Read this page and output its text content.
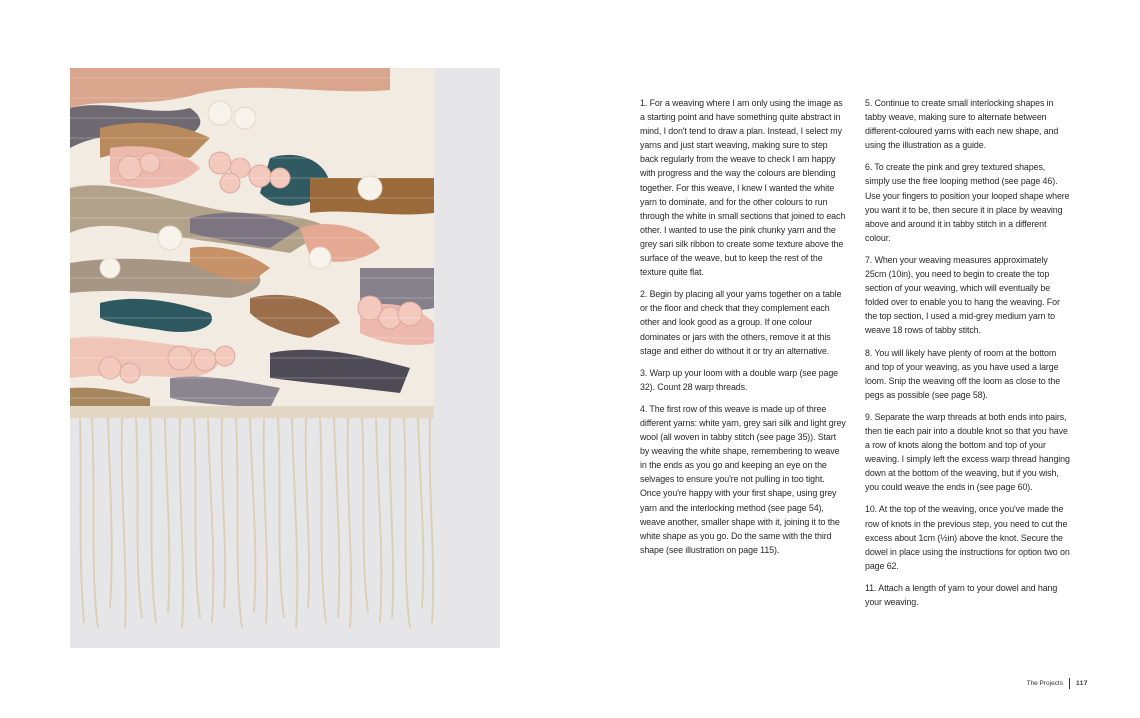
1. For a weaving where I am only using the image as a starting point and have something quite abstract in mind, I don't tend to draw a plan. Instead, I select my yarns and just start weaving, making sure to step back regularly from the weave to check I am happy with progress and the way the colours are blending together. For this weave, I knew I wanted the white yarn to dominate, and for the other colours to run through the white in small sections that joined to each other. I wanted to use the pink chunky yarn and the grey sari silk ribbon to create some texture above the surface of the weave, but to keep the rest of the texture quite flat.

2. Begin by placing all your yarns together on a table or the floor and check that they complement each other and look good as a group. If one colour dominates or jars with the others, remove it at this stage and either do without it or try an alternative.

3. Warp up your loom with a double warp (see page 32). Count 28 warp threads.

4. The first row of this weave is made up of three different yarns: white yarn, grey sari silk and light grey wool (all woven in tabby stitch (see page 35)). Start by weaving the white shape, remembering to weave in the ends as you go and keeping an eye on the selvages to ensure you're not pulling in too tight. Once you're happy with your first shape, using grey yarn and the interlocking method (see page 54), weave another, smaller shape with it, joining it to the white shape as you go. Do the same with the third shape (see illustration on page 115).

5. Continue to create small interlocking shapes in tabby weave, making sure to alternate between different-coloured yarns with each new shape, and using the illustration as a guide.

6. To create the pink and grey textured shapes, simply use the free looping method (see page 46). Use your fingers to position your looped shape where you want it to be, then secure it in place by weaving above and around it in tabby stitch in a different colour.

7. When your weaving measures approximately 25cm (10in), you need to begin to create the top section of your weaving, which will eventually be folded over to enable you to hang the weaving. For the top section, I used a mid-grey medium yarn to weave 18 rows of tabby stitch.

8. You will likely have plenty of room at the bottom and top of your weaving, as you have used a large loom. Snip the weaving off the loom as close to the pegs as possible (see page 58).

9. Separate the warp threads at both ends into pairs, then tie each pair into a double knot so that you have a row of knots along the bottom and top of your weaving. I simply left the excess warp thread hanging down at the bottom of the weaving, but if you wish, you could weave the ends in (see page 60).

10. At the top of the weaving, once you've made the row of knots in the previous step, you need to cut the excess about 1cm (½in) above the knot. Secure the dowel in place using the instructions for option two on page 62.

11. Attach a length of yarn to your dowel and hang your weaving.

The Projects 117
